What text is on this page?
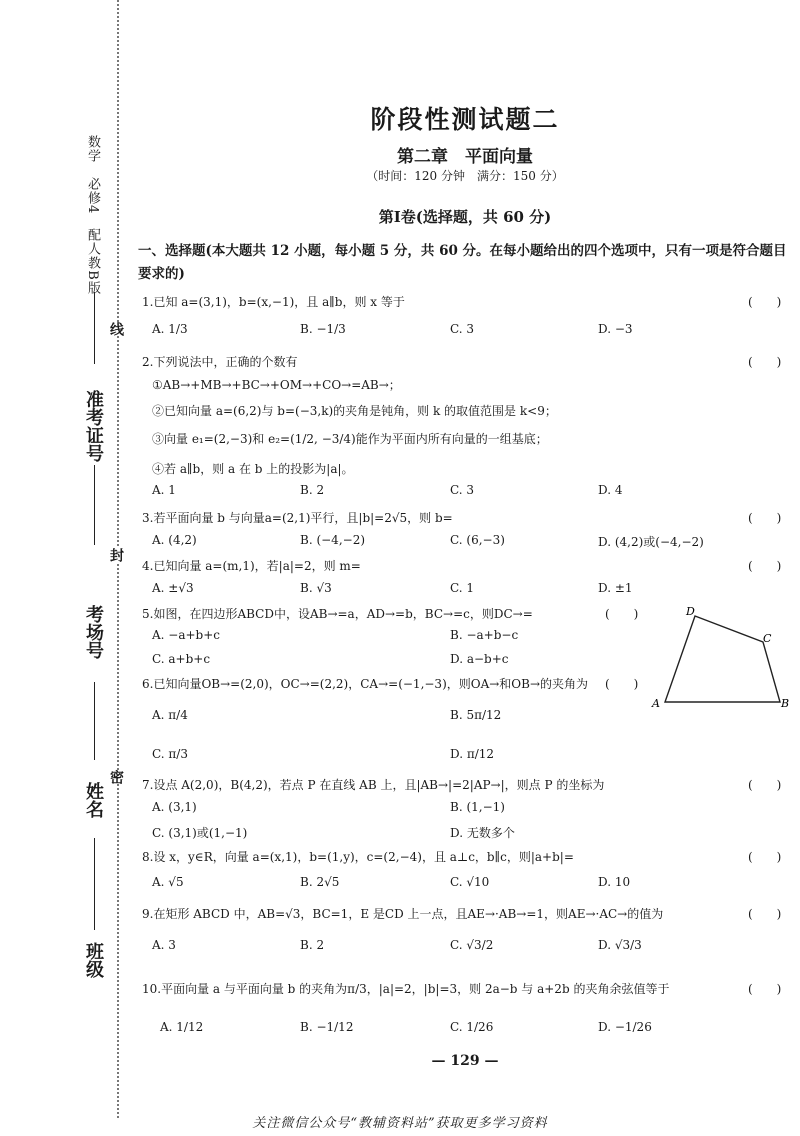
数学　必修4　配人教B版
准考证号
考场号
姓名
班级
线
封
密
阶段性测试题二
第二章　平面向量
（时间：120 分钟　满分：150 分）
第Ⅰ卷(选择题，共 60 分)
一、选择题(本大题共 12 小题，每小题 5 分，共 60 分。在每小题给出的四个选项中，只有一项是符合题目要求的)
1.已知 a=(3,1)，b=(x,−1)，且 a∥b，则 x 等于	(　　)
A. 1/3	B. −1/3	C. 3	D. −3
2.下列说法中，正确的个数有	(　　)
①AB→+MB→+BC→+OM→+CO→=AB→；
②已知向量 a=(6,2)与 b=(−3,k)的夹角是钝角，则 k 的取值范围是 k<9；
③向量 e₁=(2,−3)和 e₂=(1/2, −3/4)能作为平面内所有向量的一组基底；
④若 a∥b，则 a 在 b 上的投影为|a|。
A. 1	B. 2	C. 3	D. 4
3.若平面向量 b 与向量a=(2,1)平行，且|b|=2√5，则 b=	(　　)
A. (4,2)	B. (−4,−2)	C. (6,−3)	D. (4,2)或(−4,−2)
4.已知向量 a=(m,1)，若|a|=2，则 m=	(　　)
A. ±√3	B. √3	C. 1	D. ±1
5.如图，在四边形ABCD中，设AB→=a，AD→=b，BC→=c，则DC→=	(　　)
A. −a+b+c	B. −a+b−c
C. a+b+c	D. a−b+c
6.已知向量OB→=(2,0)，OC→=(2,2)，CA→=(−1,−3)，则OA→和OB→的夹角为 (　　)
A. π/4	B. 5π/12
C. π/3	D. π/12
D
C
A	B
7.设点 A(2,0)，B(4,2)，若点 P 在直线 AB 上，且|AB→|=2|AP→|，则点 P 的坐标为	(　　)
A. (3,1)	B. (1,−1)
C. (3,1)或(1,−1)	D. 无数多个
8.设 x，y∈R，向量 a=(x,1)，b=(1,y)，c=(2,−4)，且 a⊥c，b∥c，则|a+b|=	(　　)
A. √5	B. 2√5	C. √10	D. 10
9.在矩形 ABCD 中，AB=√3，BC=1，E 是CD 上一点，且AE→·AB→=1，则AE→·AC→的值为	(　　)
A. 3	B. 2	C. √3/2	D. √3/3
10.平面向量 a 与平面向量 b 的夹角为π/3，|a|=2，|b|=3，则 2a−b 与 a+2b 的夹角余弦值等于	(　　)
A. 1/12	B. −1/12	C. 1/26	D. −1/26
— 129 —
关注微信公众号“教辅资料站”获取更多学习资料
